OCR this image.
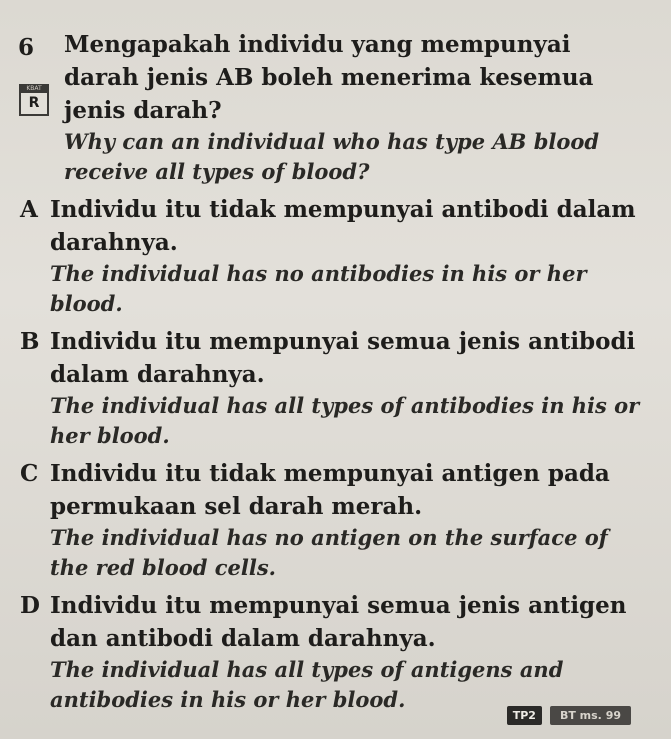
KBAT
R
6	Mengapakah individu yang mempunyai darah jenis AB boleh menerima kesemua jenis darah?
Why can an individual who has type AB blood receive all types of blood?
A Individu itu tidak mempunyai antibodi dalam darahnya.
The individual has no antibodies in his or her blood.
B Individu itu mempunyai semua jenis antibodi dalam darahnya.
The individual has all types of antibodies in his or her blood.
C Individu itu tidak mempunyai antigen pada permukaan sel darah merah.
The individual has no antigen on the surface of the red blood cells.
D Individu itu mempunyai semua jenis antigen dan antibodi dalam darahnya.
The individual has all types of antigens and antibodies in his or her blood.
TP2	BT ms. 99
